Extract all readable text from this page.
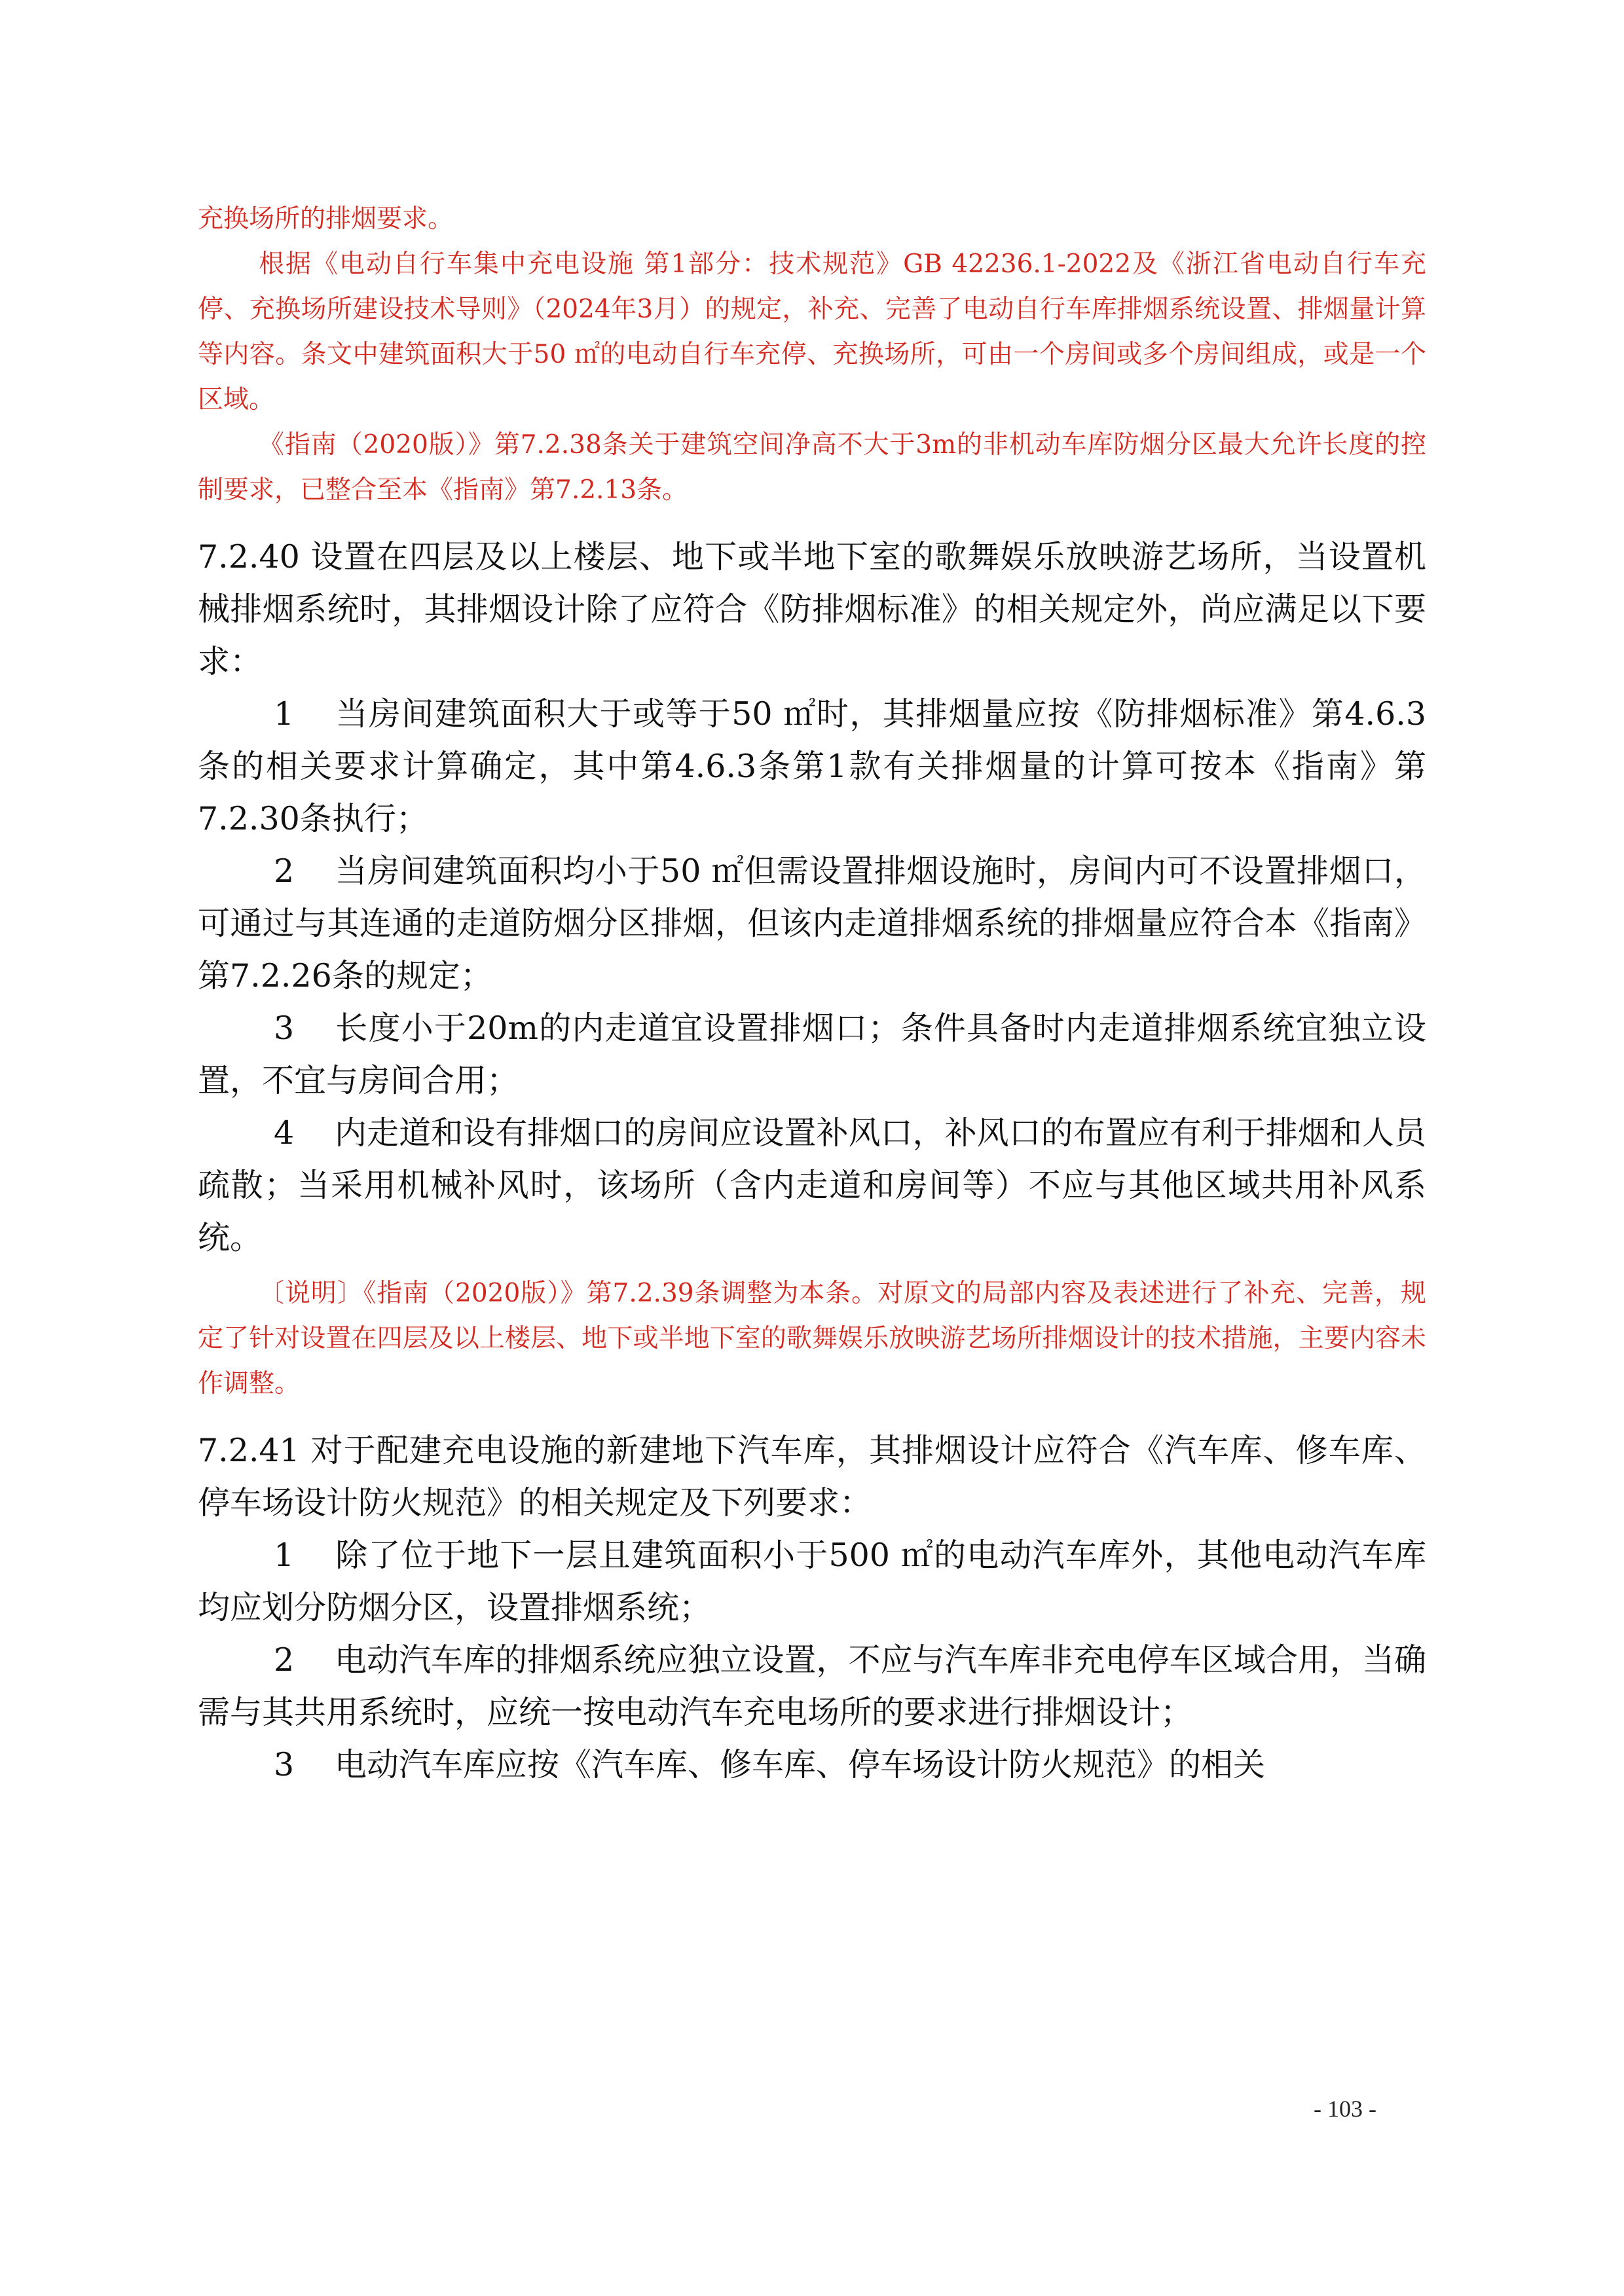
充换场所的排烟要求。

根据《电动自行车集中充电设施 第1部分：技术规范》GB 42236.1-2022及《浙江省电动自行车充停、充换场所建设技术导则》（2024年3月）的规定，补充、完善了电动自行车库排烟系统设置、排烟量计算等内容。条文中建筑面积大于50 ㎡的电动自行车充停、充换场所，可由一个房间或多个房间组成，或是一个区域。

《指南（2020版）》第7.2.38条关于建筑空间净高不大于3m的非机动车库防烟分区最大允许长度的控制要求，已整合至本《指南》第7.2.13条。

7.2.40 设置在四层及以上楼层、地下或半地下室的歌舞娱乐放映游艺场所，当设置机械排烟系统时，其排烟设计除了应符合《防排烟标准》的相关规定外，尚应满足以下要求：

1  当房间建筑面积大于或等于50 ㎡时，其排烟量应按《防排烟标准》第4.6.3条的相关要求计算确定，其中第4.6.3条第1款有关排烟量的计算可按本《指南》第7.2.30条执行；

2  当房间建筑面积均小于50 ㎡但需设置排烟设施时，房间内可不设置排烟口，可通过与其连通的走道防烟分区排烟，但该内走道排烟系统的排烟量应符合本《指南》第7.2.26条的规定；

3  长度小于20m的内走道宜设置排烟口；条件具备时内走道排烟系统宜独立设置，不宜与房间合用；

4  内走道和设有排烟口的房间应设置补风口，补风口的布置应有利于排烟和人员疏散；当采用机械补风时，该场所（含内走道和房间等）不应与其他区域共用补风系统。

〔说明〕《指南（2020版）》第7.2.39条调整为本条。对原文的局部内容及表述进行了补充、完善，规定了针对设置在四层及以上楼层、地下或半地下室的歌舞娱乐放映游艺场所排烟设计的技术措施，主要内容未作调整。

7.2.41 对于配建充电设施的新建地下汽车库，其排烟设计应符合《汽车库、修车库、停车场设计防火规范》的相关规定及下列要求：

1  除了位于地下一层且建筑面积小于500 ㎡的电动汽车库外，其他电动汽车库均应划分防烟分区，设置排烟系统；

2  电动汽车库的排烟系统应独立设置，不应与汽车库非充电停车区域合用，当确需与其共用系统时，应统一按电动汽车充电场所的要求进行排烟设计；

3  电动汽车库应按《汽车库、修车库、停车场设计防火规范》的相关

- 103 -
